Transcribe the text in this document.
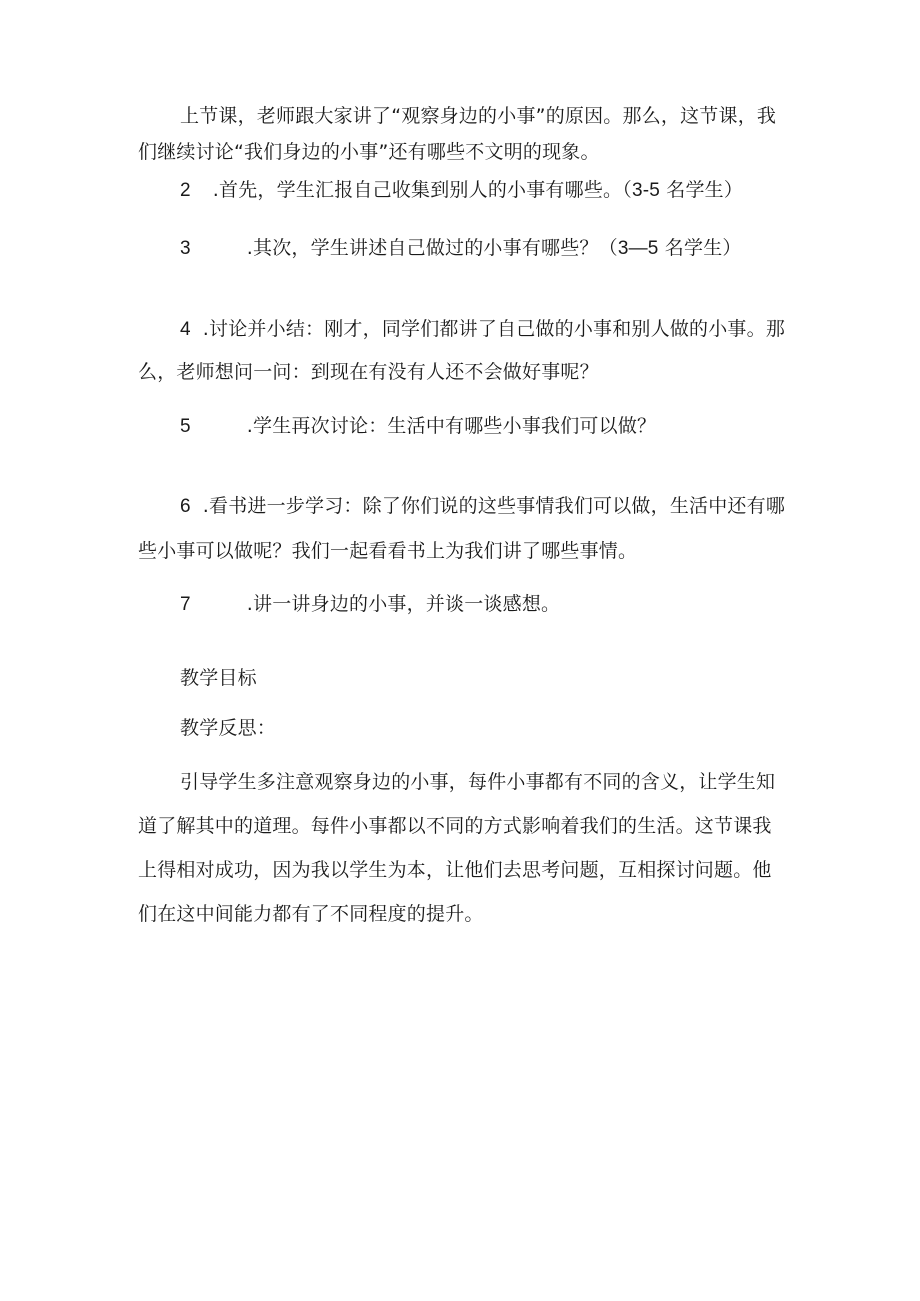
上节课，老师跟大家讲了“观察身边的小事”的原因。那么，这节课，我们继续讨论“我们身边的小事”还有哪些不文明的现象。

2 .首先，学生汇报自己收集到别人的小事有哪些。（3-5 名学生）

3	.其次，学生讲述自己做过的小事有哪些？（3—5 名学生）

4 .讨论并小结：刚才，同学们都讲了自己做的小事和别人做的小事。那么，老师想问一问：到现在有没有人还不会做好事呢？

5	.学生再次讨论：生活中有哪些小事我们可以做？

6 .看书进一步学习：除了你们说的这些事情我们可以做，生活中还有哪些小事可以做呢？我们一起看看书上为我们讲了哪些事情。

7	.讲一讲身边的小事，并谈一谈感想。

教学目标

教学反思：

引导学生多注意观察身边的小事，每件小事都有不同的含义，让学生知道了解其中的道理。每件小事都以不同的方式影响着我们的生活。这节课我上得相对成功，因为我以学生为本，让他们去思考问题，互相探讨问题。他们在这中间能力都有了不同程度的提升。
